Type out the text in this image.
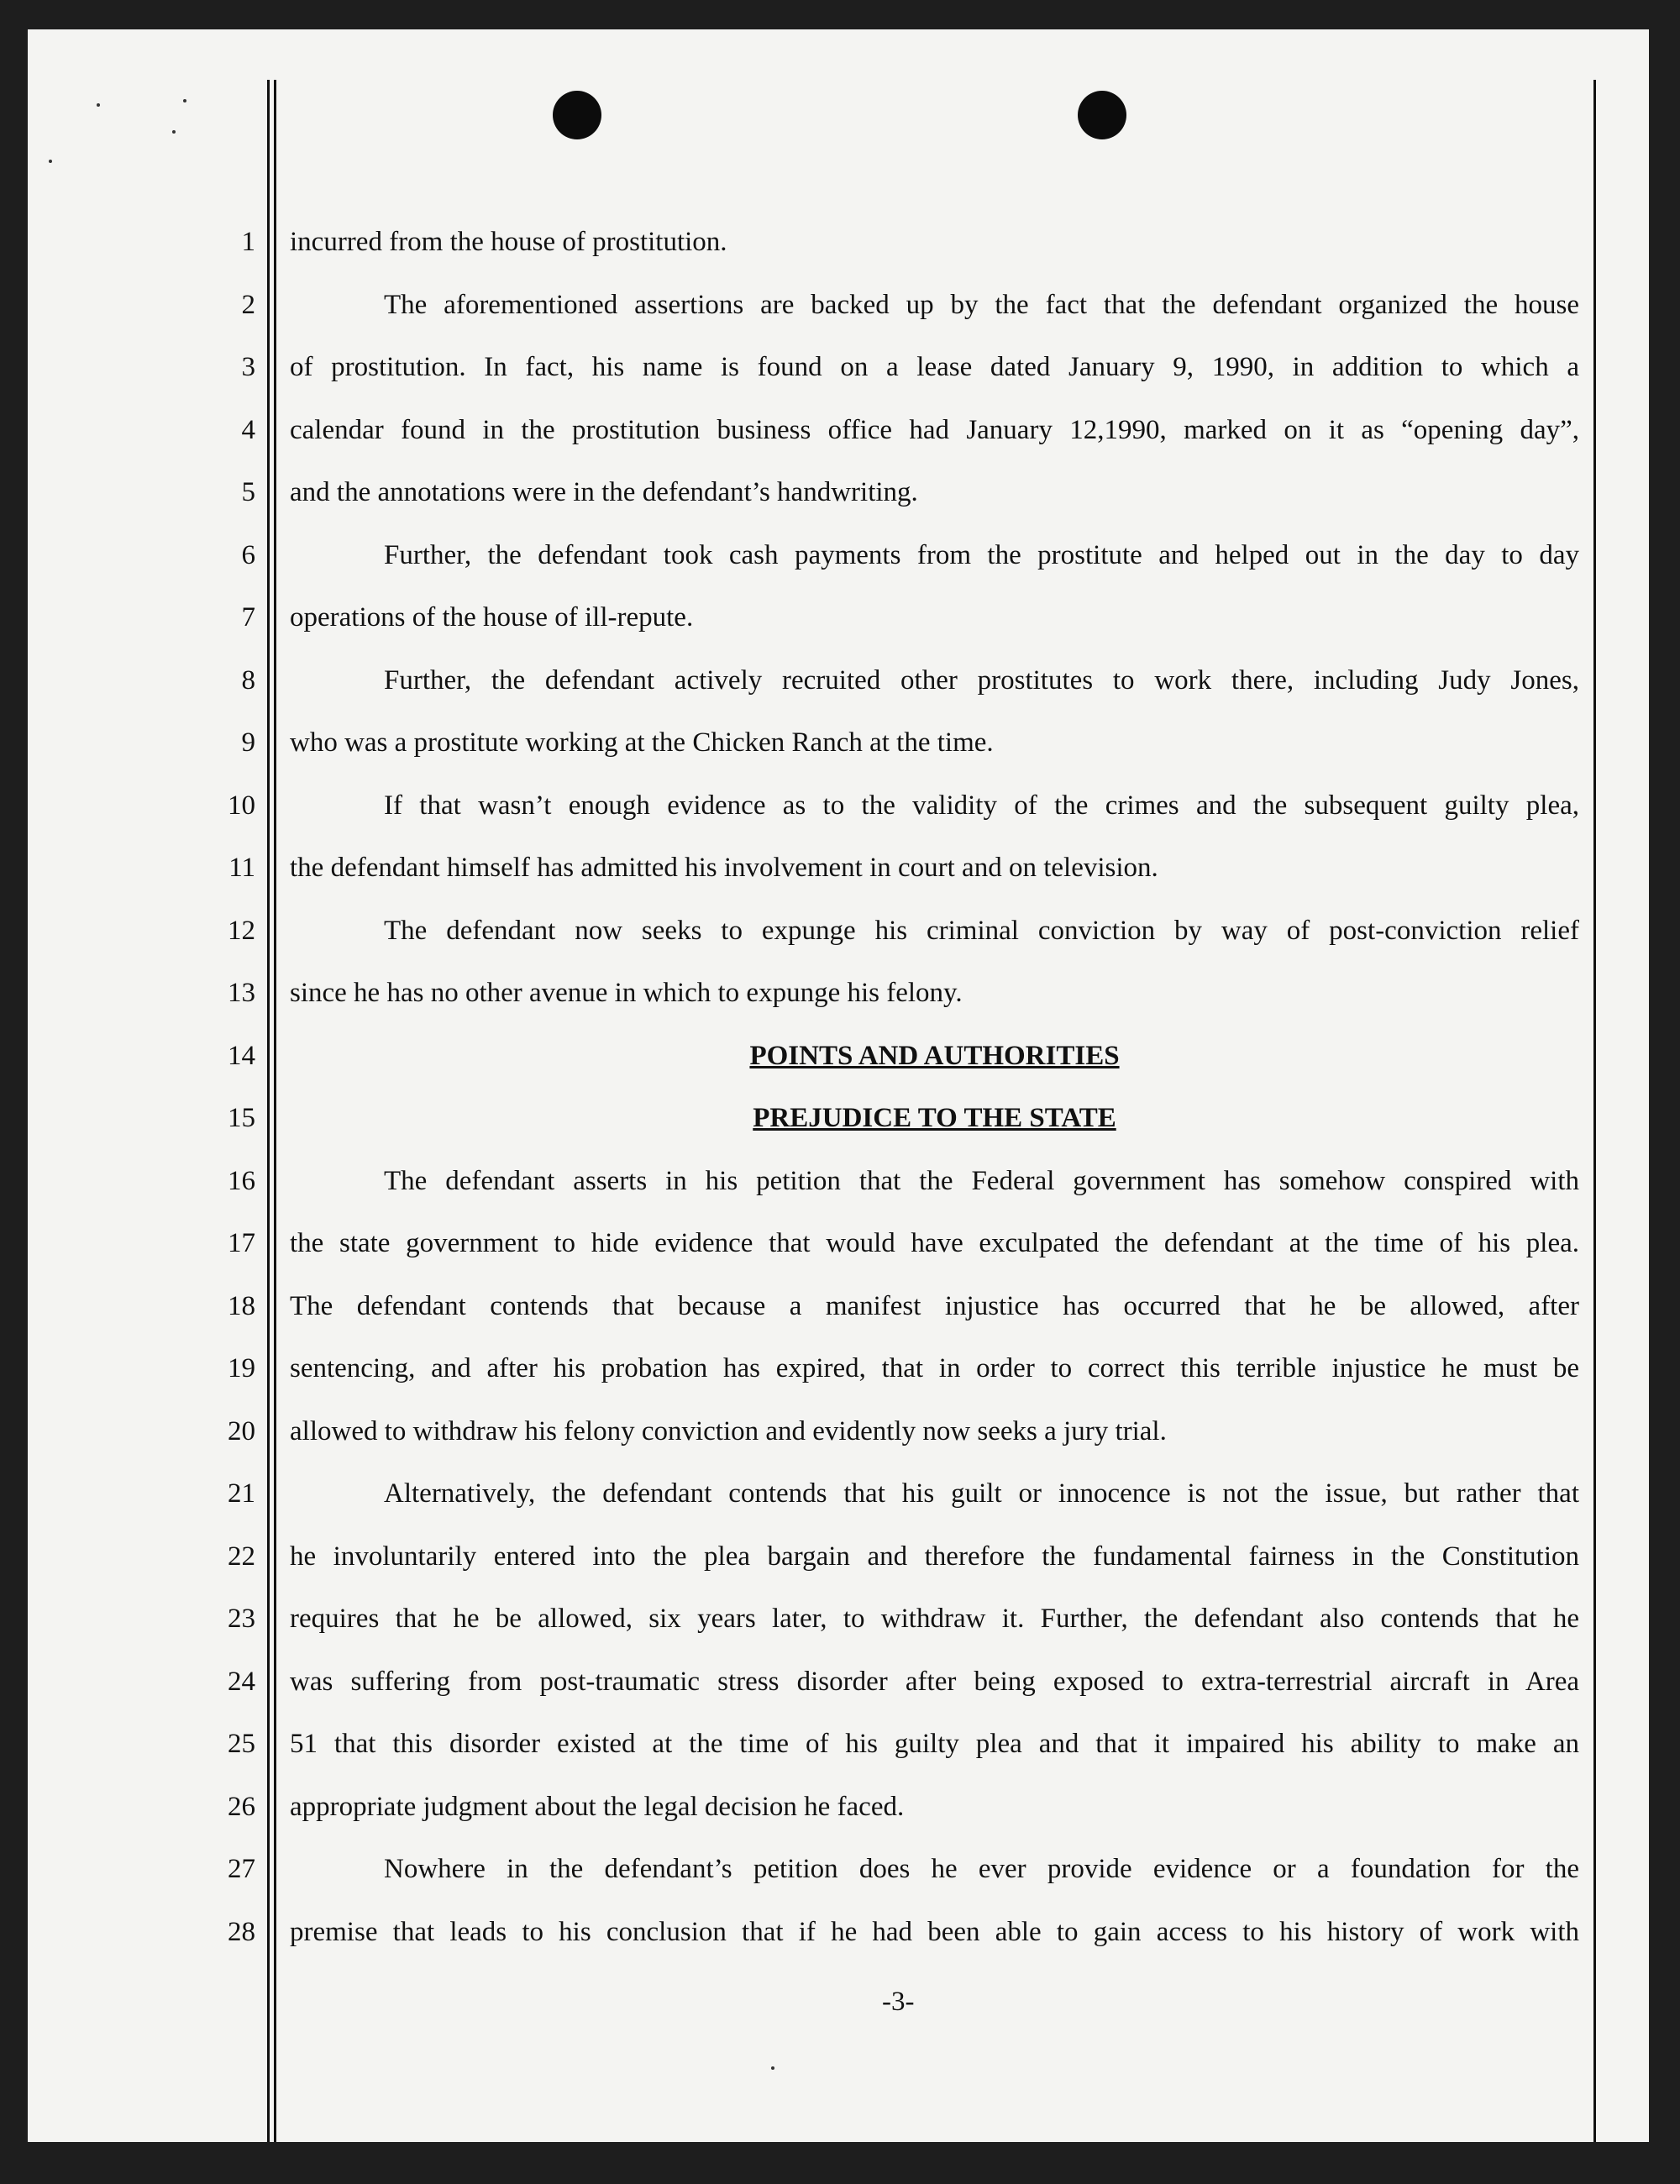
1 incurred from the house of prostitution.
2	The aforementioned assertions are backed up by the fact that the defendant organized the house
3 of prostitution. In fact, his name is found on a lease dated January 9, 1990, in addition to which a
4 calendar found in the prostitution business office had January 12,1990, marked on it as “opening day”,
5 and the annotations were in the defendant’s handwriting.
6	Further, the defendant took cash payments from the prostitute and helped out in the day to day
7 operations of the house of ill-repute.
8	Further, the defendant actively recruited other prostitutes to work there, including Judy Jones,
9 who was a prostitute working at the Chicken Ranch at the time.
10	If that wasn’t enough evidence as to the validity of the crimes and the subsequent guilty plea,
11 the defendant himself has admitted his involvement in court and on television.
12	The defendant now seeks to expunge his criminal conviction by way of post-conviction relief
13 since he has no other avenue in which to expunge his felony.
14	POINTS AND AUTHORITIES
15	PREJUDICE TO THE STATE
16	The defendant asserts in his petition that the Federal government has somehow conspired with
17 the state government to hide evidence that would have exculpated the defendant at the time of his plea.
18 The defendant contends that because a manifest injustice has occurred that he be allowed, after
19 sentencing, and after his probation has expired, that in order to correct this terrible injustice he must be
20 allowed to withdraw his felony conviction and evidently now seeks a jury trial.
21	Alternatively, the defendant contends that his guilt or innocence is not the issue, but rather that
22 he involuntarily entered into the plea bargain and therefore the fundamental fairness in the Constitution
23 requires that he be allowed, six years later, to withdraw it. Further, the defendant also contends that he
24 was suffering from post-traumatic stress disorder after being exposed to extra-terrestrial aircraft in Area
25 51 that this disorder existed at the time of his guilty plea and that it impaired his ability to make an
26 appropriate judgment about the legal decision he faced.
27	Nowhere in the defendant’s petition does he ever provide evidence or a foundation for the
28 premise that leads to his conclusion that if he had been able to gain access to his history of work with
-3-
